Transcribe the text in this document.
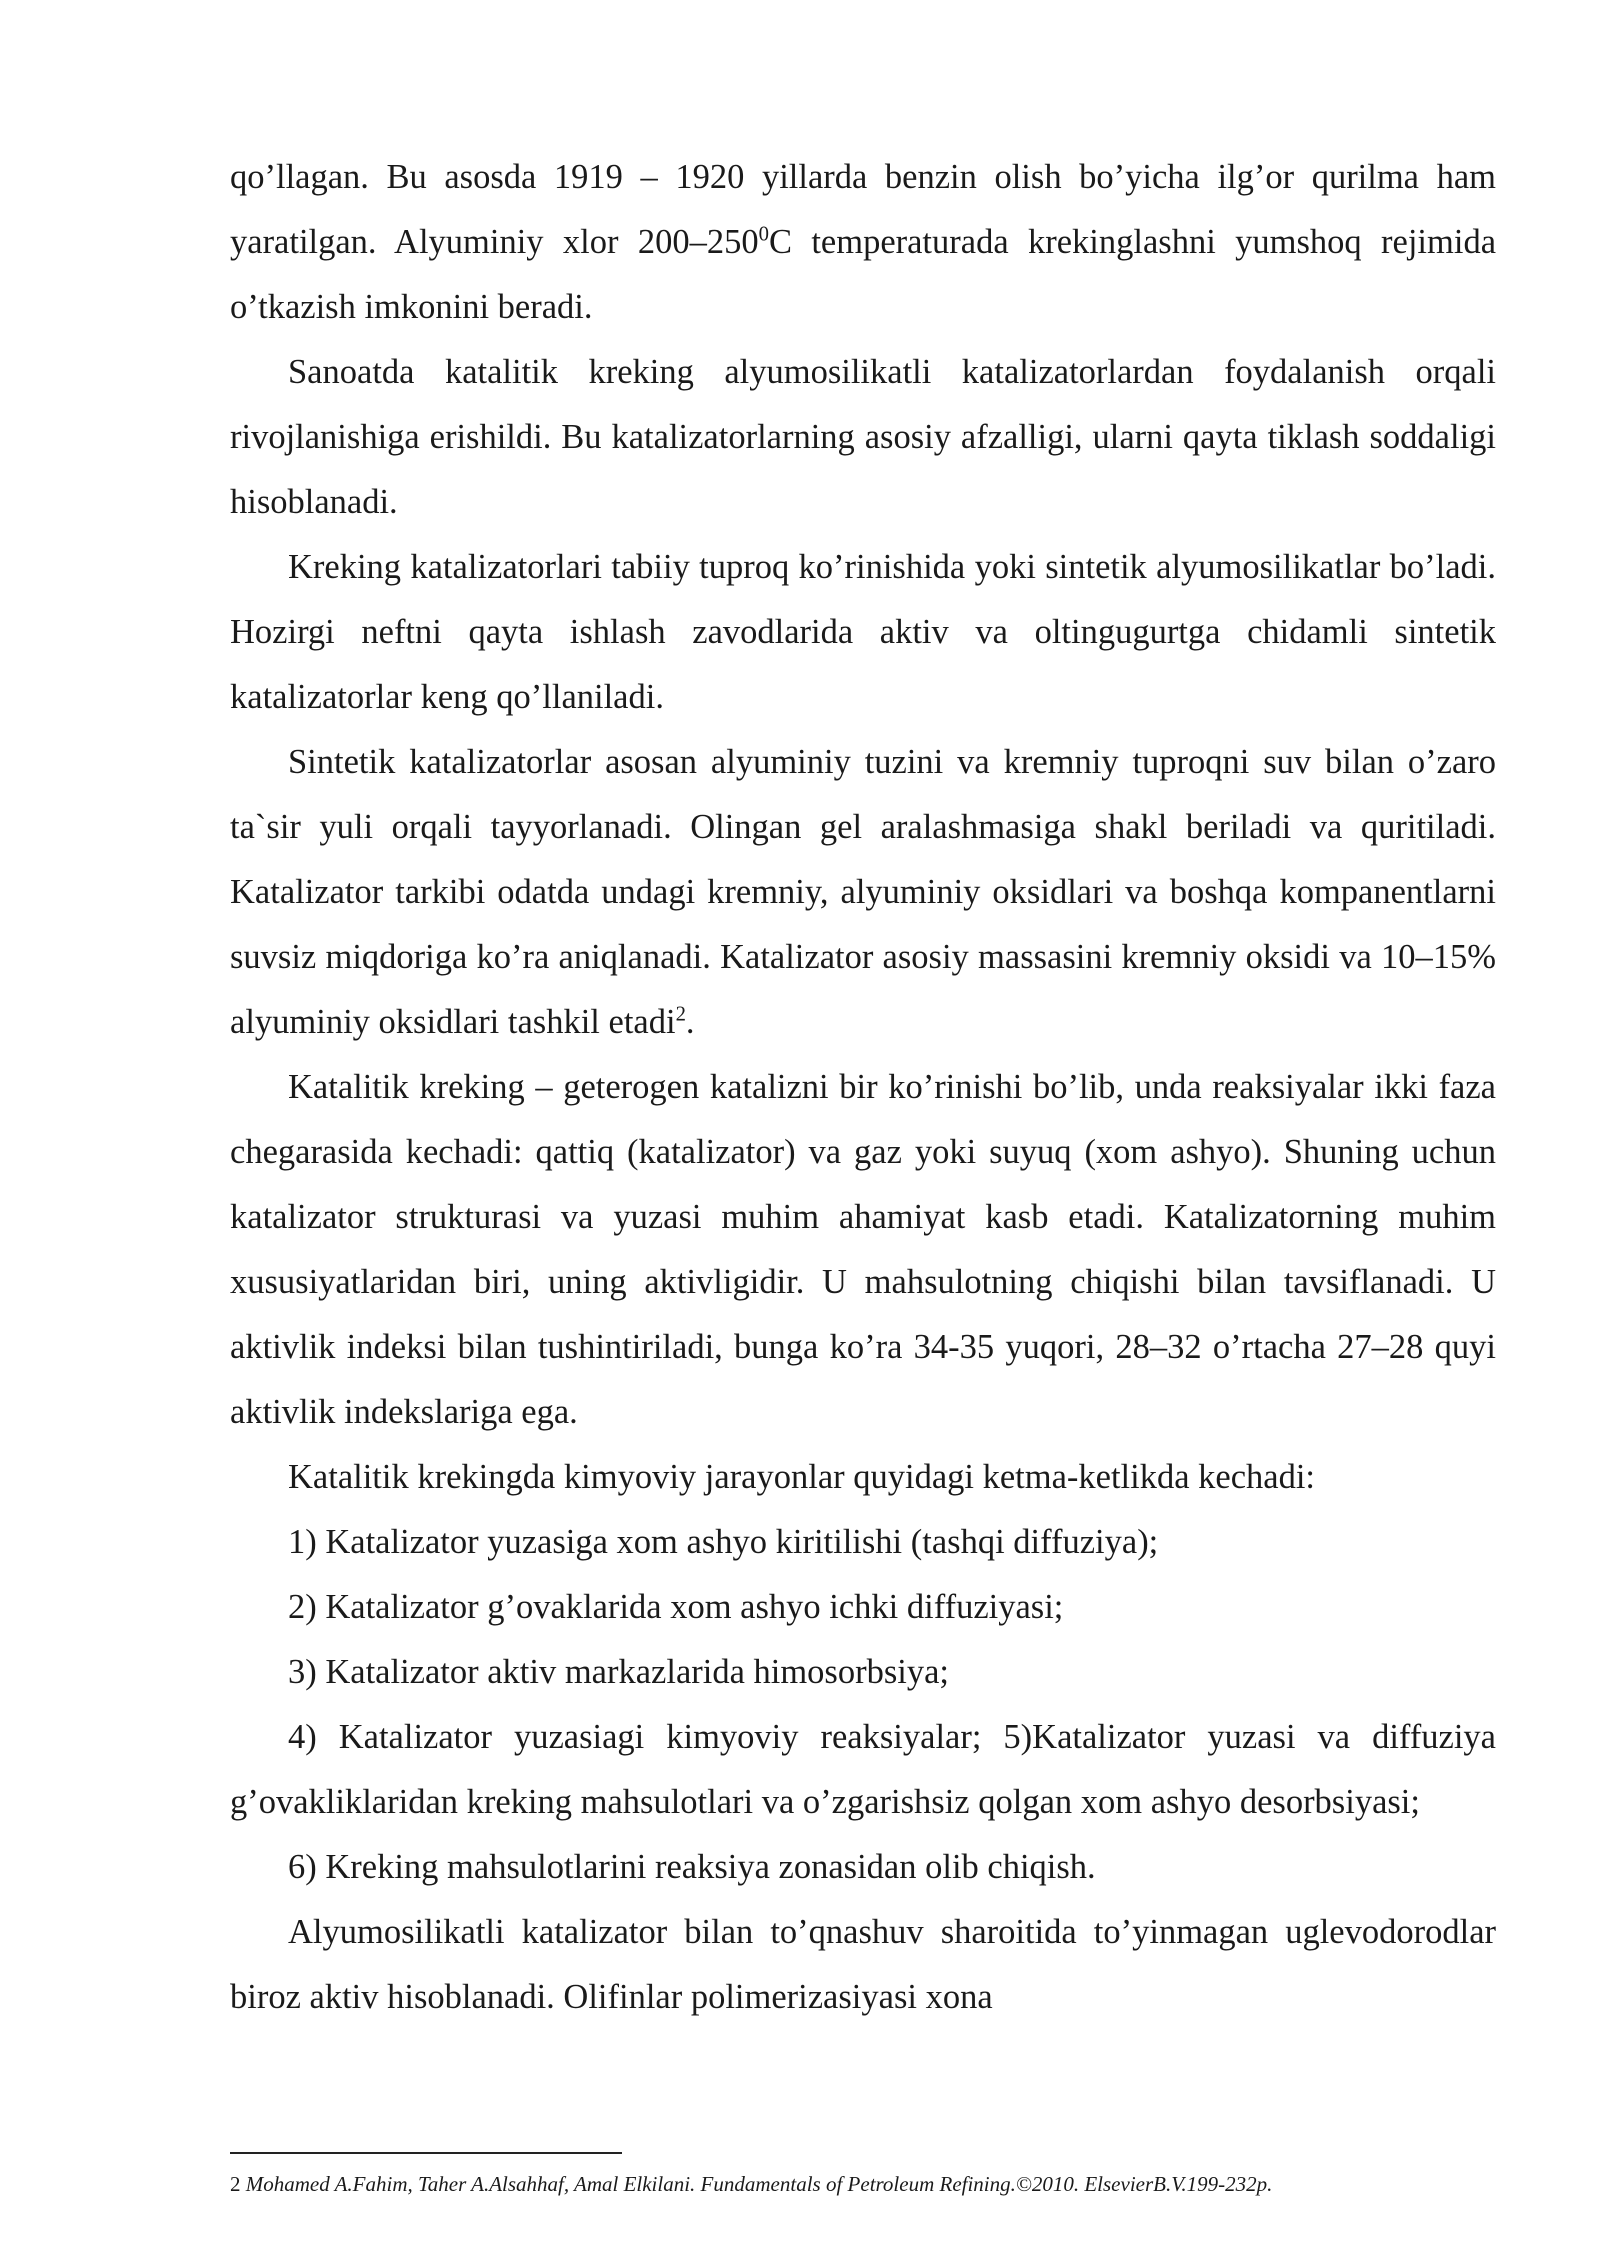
qo’llagan. Bu asosda 1919 – 1920 yillarda benzin olish bo’yicha ilg’or qurilma ham yaratilgan. Alyuminiy xlor $200-250^0C$ temperaturada krekinglashni yumshoq rejimida o’tkazish imkonini beradi.

Sanoatda katalitik kreking alyumosilikatli katalizatorlardan foydalanish orqali rivojlanishiga erishildi. Bu katalizatorlarning asosiy afzalligi, ularni qayta tiklash soddaligi hisoblanadi.

Kreking katalizatorlari tabiiy tuproq ko’rinishida yoki sintetik alyumosilikatlar bo’ladi. Hozirgi neftni qayta ishlash zavodlarida aktiv va oltingugurtga chidamli sintetik katalizatorlar keng qo’llaniladi.

Sintetik katalizatorlar asosan alyuminiy tuzini va kremniy tuproqni suv bilan o’zaro ta`sir yuli orqali tayyorlanadi. Olingan gel aralashmasiga shakl beriladi va quritiladi. Katalizator tarkibi odatda undagi kremniy, alyuminiy oksidlari va boshqa kompanentlarni suvsiz miqdoriga ko’ra aniqlanadi. Katalizator asosiy massasini kremniy oksidi va 10–15% alyuminiy oksidlari tashkil etadi$^2$.

Katalitik kreking – geterogen katalizni bir ko’rinishi bo’lib, unda reaksiyalar ikki faza chegarasida kechadi: qattiq (katalizator) va gaz yoki suyuq (xom ashyo). Shuning uchun katalizator strukturasi va yuzasi muhim ahamiyat kasb etadi. Katalizatorning muhim xususiyatlaridan biri, uning aktivligidir. U mahsulotning chiqishi bilan tavsiflanadi. U aktivlik indeksi bilan tushintiriladi, bunga ko’ra 34-35 yuqori, 28–32 o’rtacha 27–28 quyi aktivlik indekslariga ega.

Katalitik krekingda kimyoviy jarayonlar quyidagi ketma-ketlikda kechadi:

1) Katalizator yuzasiga xom ashyo kiritilishi (tashqi diffuziya);

2) Katalizator g’ovaklarida xom ashyo ichki diffuziyasi;

3) Katalizator aktiv markazlarida himosorbsiya;

4) Katalizator yuzasiagi kimyoviy reaksiyalar; 5)Katalizator yuzasi va diffuziya g’ovakliklaridan kreking mahsulotlari va o’zgarishsiz qolgan xom ashyo desorbsiyasi;

6) Kreking mahsulotlarini reaksiya zonasidan olib chiqish.

Alyumosilikatli katalizator bilan to’qnashuv sharoitida to’yinmagan uglevodorodlar biroz aktiv hisoblanadi. Olifinlar polimerizasiyasi xona

2 Mohamed A.Fahim, Taher A.Alsahhaf, Amal Elkilani. Fundamentals of Petroleum Refining.©2010. ElsevierB.V.199-232p.
